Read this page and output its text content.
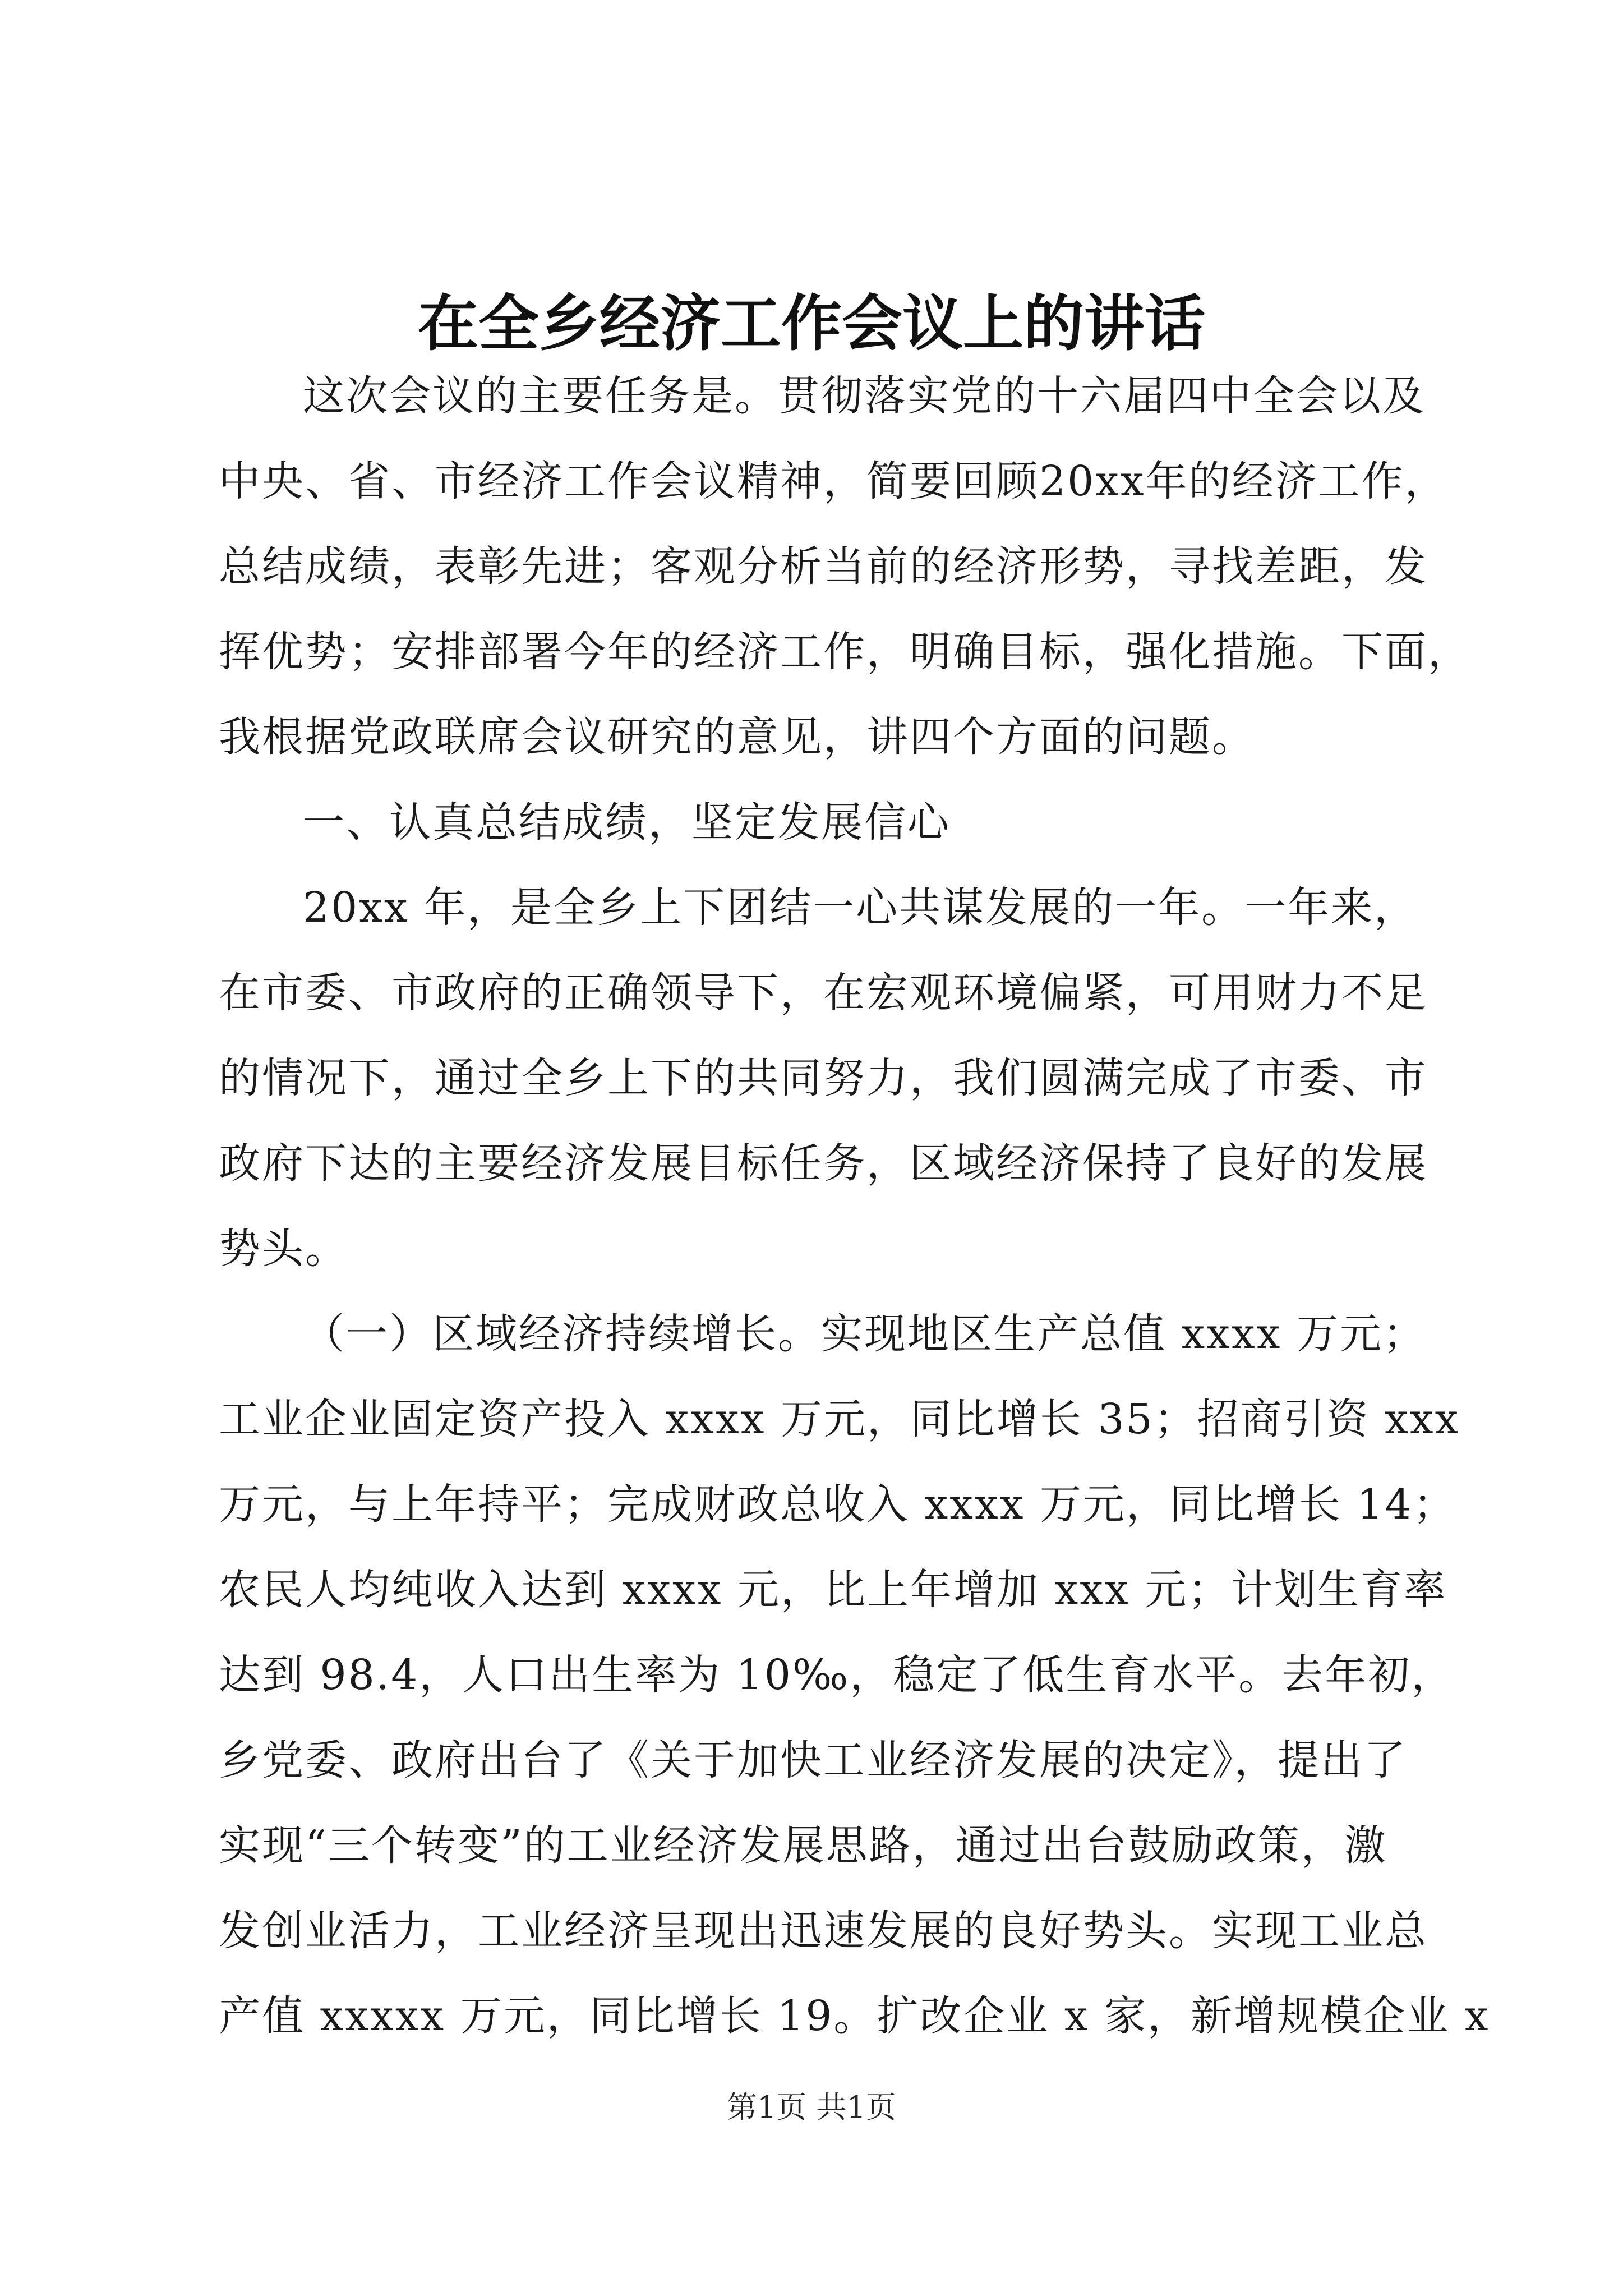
在全乡经济工作会议上的讲话

这次会议的主要任务是。贯彻落实党的十六届四中全会以及
中央、省、市经济工作会议精神，简要回顾20xx年的经济工作，
总结成绩，表彰先进；客观分析当前的经济形势，寻找差距，发
挥优势；安排部署今年的经济工作，明确目标，强化措施。下面，
我根据党政联席会议研究的意见，讲四个方面的问题。

一、认真总结成绩，坚定发展信心

20xx 年，是全乡上下团结一心共谋发展的一年。一年来，
在市委、市政府的正确领导下，在宏观环境偏紧，可用财力不足
的情况下，通过全乡上下的共同努力，我们圆满完成了市委、市
政府下达的主要经济发展目标任务，区域经济保持了良好的发展
势头。

（一）区域经济持续增长。实现地区生产总值 xxxx 万元；
工业企业固定资产投入 xxxx 万元，同比增长 35；招商引资 xxx
万元，与上年持平；完成财政总收入 xxxx 万元，同比增长 14；
农民人均纯收入达到 xxxx 元，比上年增加 xxx 元；计划生育率
达到 98.4，人口出生率为 10‰，稳定了低生育水平。去年初，
乡党委、政府出台了《关于加快工业经济发展的决定》，提出了
实现“三个转变”的工业经济发展思路，通过出台鼓励政策，激
发创业活力，工业经济呈现出迅速发展的良好势头。实现工业总
产值 xxxxx 万元，同比增长 19。扩改企业 x 家，新增规模企业 x

第1页 共1页
